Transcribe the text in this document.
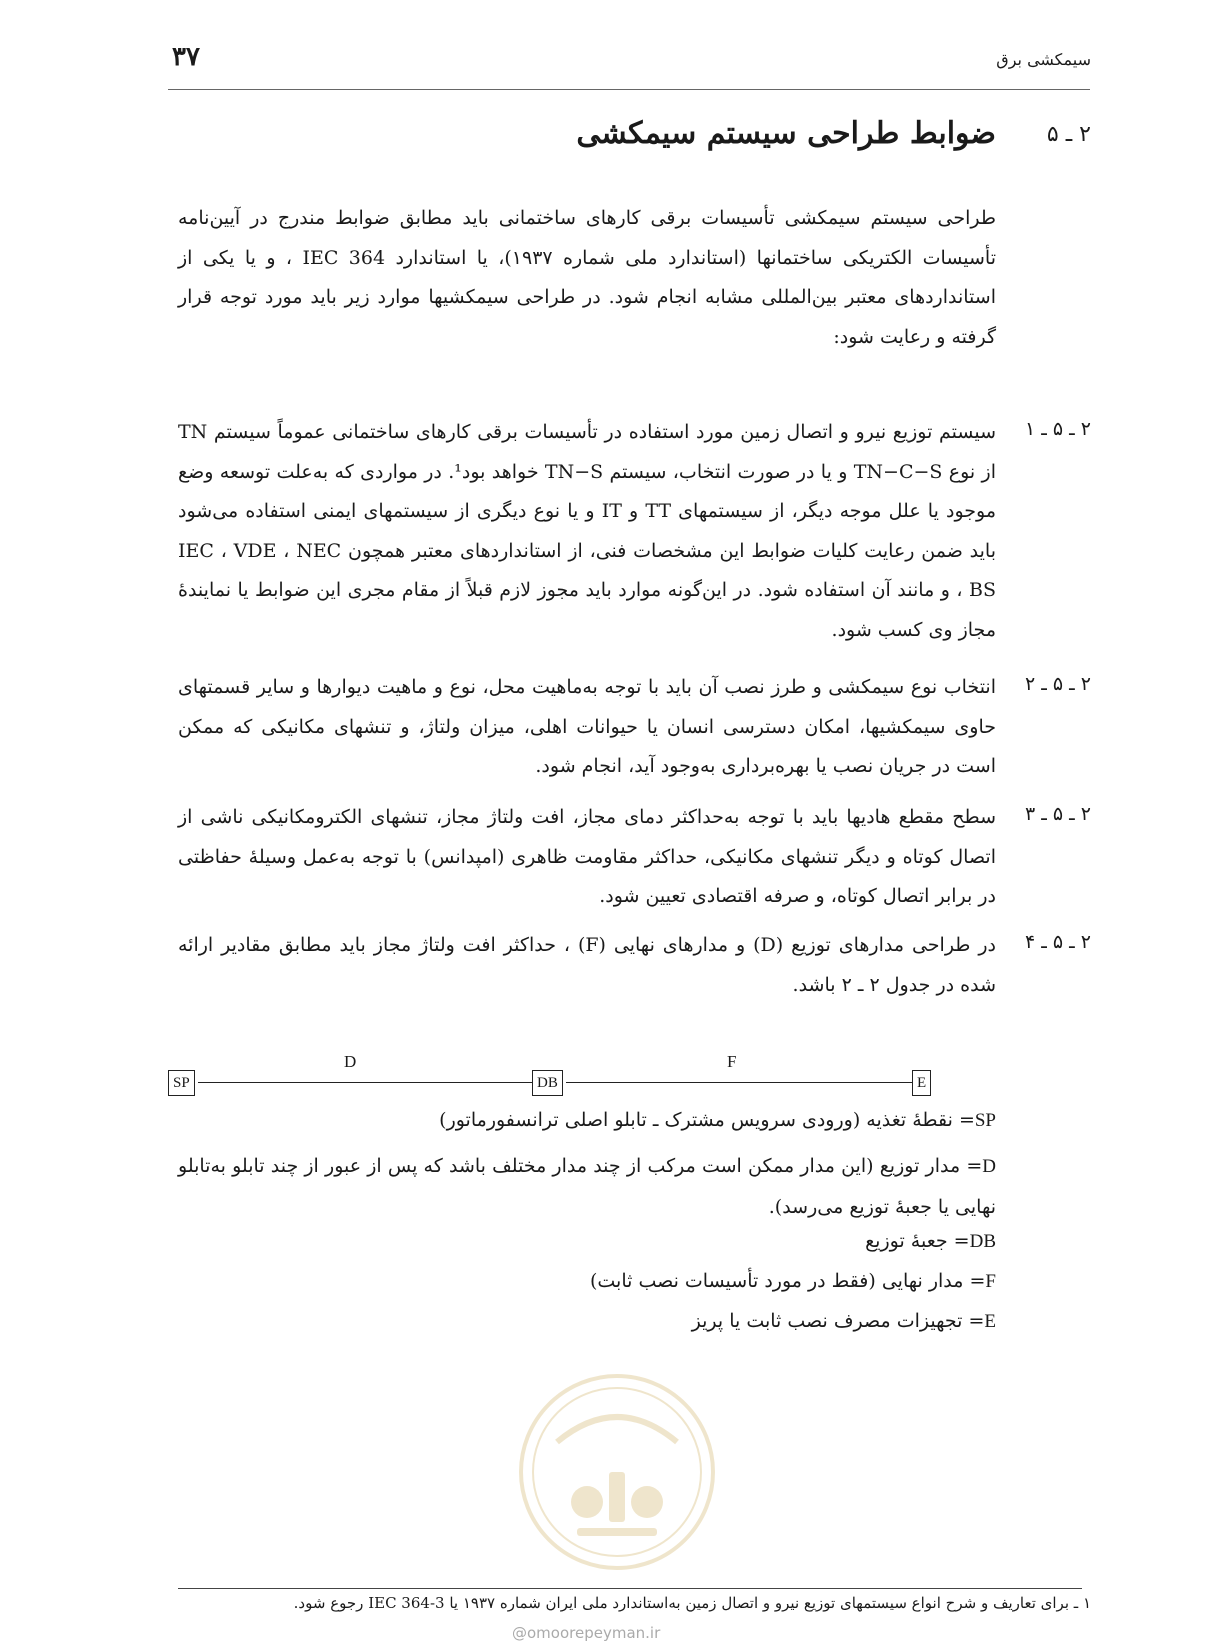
۳۷	سیمکشی برق
۲ ـ ۵
ضوابط طراحی سیستم سیمکشی
طراحی سیستم سیمکشی تأسیسات برقی کارهای ساختمانی باید مطابق ضوابط مندرج در آیین‌نامه تأسیسات الکتریکی ساختمانها (استاندارد ملی شماره ۱۹۳۷)، یا استاندارد IEC 364 ، و یا یکی از استانداردهای معتبر بین‌المللی مشابه انجام شود. در طراحی سیمکشیها موارد زیر باید مورد توجه قرار گرفته و رعایت شود:
۲ ـ ۵ ـ ۱
سیستم توزیع نیرو و اتصال زمین مورد استفاده در تأسیسات برقی کارهای ساختمانی عموماً سیستم TN از نوع TN−C−S و یا در صورت انتخاب، سیستم TN−S خواهد بود¹. در مواردی که به‌علت توسعه وضع موجود یا علل موجه دیگر، از سیستمهای TT و IT و یا نوع دیگری از سیستمهای ایمنی استفاده می‌شود باید ضمن رعایت کلیات ضوابط این مشخصات فنی، از استانداردهای معتبر همچون IEC ، VDE ، NEC ، BS و مانند آن استفاده شود. در این‌گونه موارد باید مجوز لازم قبلاً از مقام مجری این ضوابط یا نمایندهٔ مجاز وی کسب شود.
۲ ـ ۵ ـ ۲
انتخاب نوع سیمکشی و طرز نصب آن باید با توجه به‌ماهیت محل، نوع و ماهیت دیوارها و سایر قسمتهای حاوی سیمکشیها، امکان دسترسی انسان یا حیوانات اهلی، میزان ولتاژ، و تنشهای مکانیکی که ممکن است در جریان نصب یا بهره‌برداری به‌وجود آید، انجام شود.
۲ ـ ۵ ـ ۳
سطح مقطع هادیها باید با توجه به‌حداکثر دمای مجاز، افت ولتاژ مجاز، تنشهای الکترومکانیکی ناشی از اتصال کوتاه و دیگر تنشهای مکانیکی، حداکثر مقاومت ظاهری (امپدانس) با توجه به‌عمل وسیلهٔ حفاظتی در برابر اتصال کوتاه، و صرفه اقتصادی تعیین شود.
۲ ـ ۵ ـ ۴
در طراحی مدارهای توزیع (D) و مدارهای نهایی (F) ، حداکثر افت ولتاژ مجاز باید مطابق مقادیر ارائه شده در جدول ۲ ـ ۲ باشد.
SP	DB	E
D	F
SP= نقطهٔ تغذیه (ورودی سرویس مشترک ـ تابلو اصلی ترانسفورماتور)
D= مدار توزیع (این مدار ممکن است مرکب از چند مدار مختلف باشد که پس از عبور از چند تابلو به‌تابلو نهایی یا جعبهٔ توزیع می‌رسد).
DB= جعبهٔ توزیع
F= مدار نهایی (فقط در مورد تأسیسات نصب ثابت)
E= تجهیزات مصرف نصب ثابت یا پریز
۱ ـ برای تعاریف و شرح انواع سیستمهای توزیع نیرو و اتصال زمین به‌استاندارد ملی ایران شماره ۱۹۳۷ یا IEC 364-3 رجوع شود.
@omoorepeyman.ir
